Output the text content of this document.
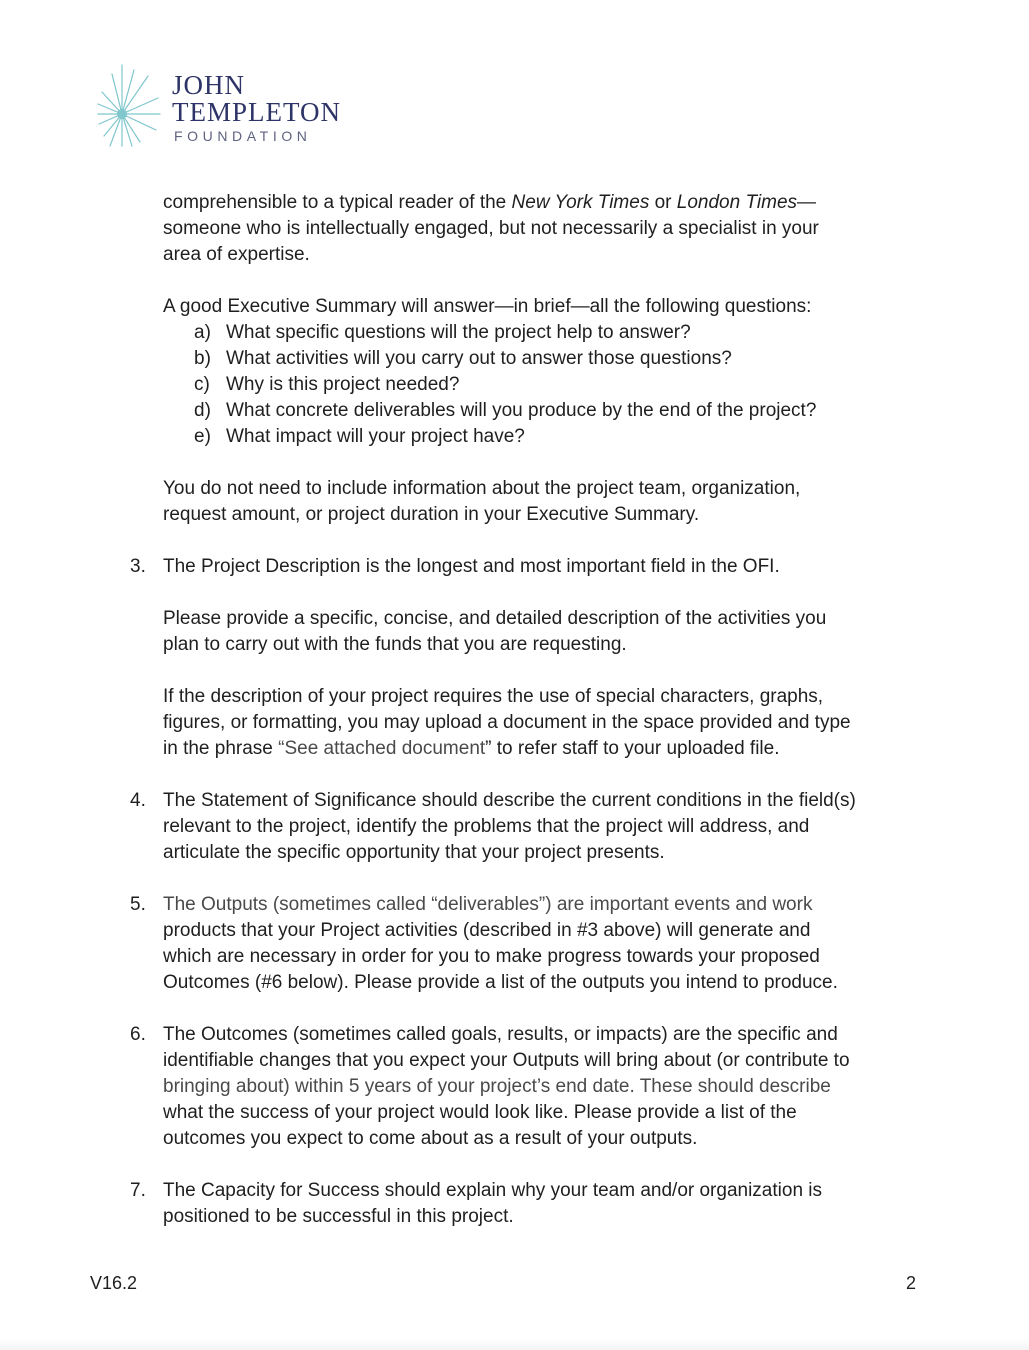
JOHN
TEMPLETON
FOUNDATION

comprehensible to a typical reader of the New York Times or London Times—
someone who is intellectually engaged, but not necessarily a specialist in your
area of expertise.

A good Executive Summary will answer—in brief—all the following questions:

a) What specific questions will the project help to answer?
b) What activities will you carry out to answer those questions?
c) Why is this project needed?
d) What concrete deliverables will you produce by the end of the project?
e) What impact will your project have?

You do not need to include information about the project team, organization,
request amount, or project duration in your Executive Summary.

3. The Project Description is the longest and most important field in the OFI.

Please provide a specific, concise, and detailed description of the activities you
plan to carry out with the funds that you are requesting.

If the description of your project requires the use of special characters, graphs,
figures, or formatting, you may upload a document in the space provided and type
in the phrase “See attached document” to refer staff to your uploaded file.

4. The Statement of Significance should describe the current conditions in the field(s)
relevant to the project, identify the problems that the project will address, and
articulate the specific opportunity that your project presents.

5. The Outputs (sometimes called “deliverables”) are important events and work
products that your Project activities (described in #3 above) will generate and
which are necessary in order for you to make progress towards your proposed
Outcomes (#6 below). Please provide a list of the outputs you intend to produce.

6. The Outcomes (sometimes called goals, results, or impacts) are the specific and
identifiable changes that you expect your Outputs will bring about (or contribute to
bringing about) within 5 years of your project’s end date. These should describe
what the success of your project would look like. Please provide a list of the
outcomes you expect to come about as a result of your outputs.

7. The Capacity for Success should explain why your team and/or organization is
positioned to be successful in this project.

V16.2	2
